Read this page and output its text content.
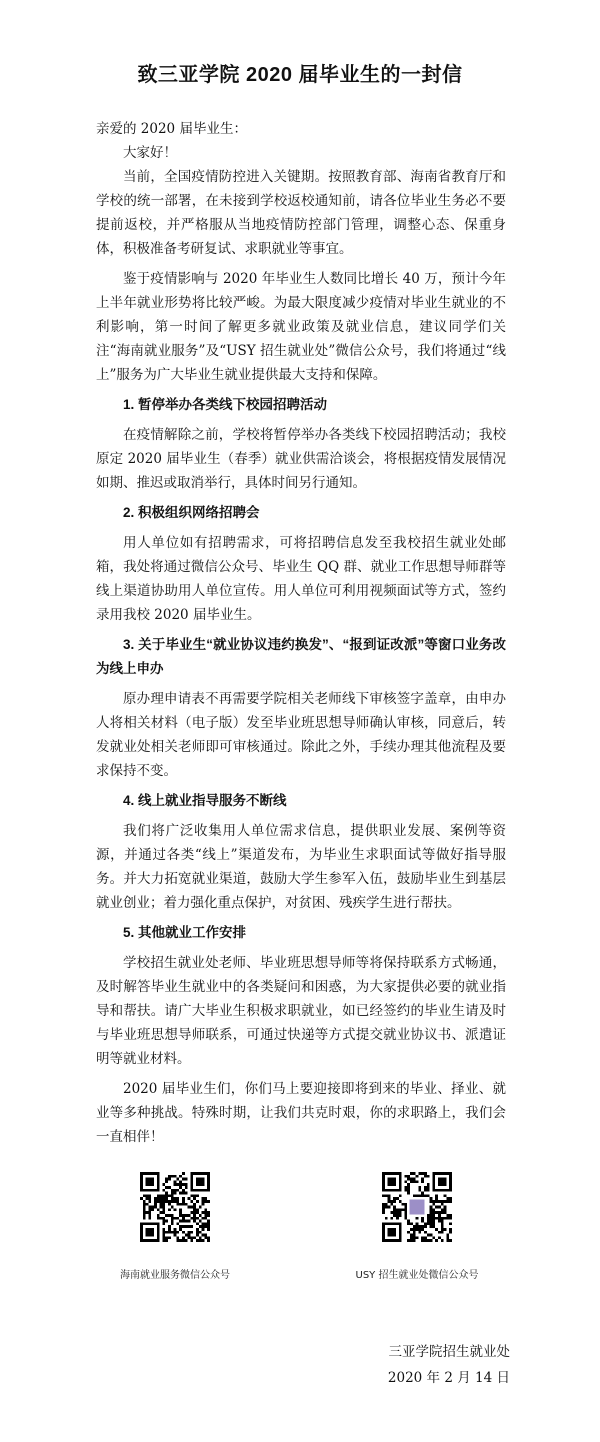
致三亚学院 2020 届毕业生的一封信

亲爱的 2020 届毕业生：

大家好！

当前，全国疫情防控进入关键期。按照教育部、海南省教育厅和学校的统一部署，在未接到学校返校通知前，请各位毕业生务必不要提前返校，并严格服从当地疫情防控部门管理，调整心态、保重身体，积极准备考研复试、求职就业等事宜。

鉴于疫情影响与 2020 年毕业生人数同比增长 40 万，预计今年上半年就业形势将比较严峻。为最大限度减少疫情对毕业生就业的不利影响，第一时间了解更多就业政策及就业信息，建议同学们关注“海南就业服务”及“USY 招生就业处”微信公众号，我们将通过“线上”服务为广大毕业生就业提供最大支持和保障。

1. 暂停举办各类线下校园招聘活动

在疫情解除之前，学校将暂停举办各类线下校园招聘活动；我校原定 2020 届毕业生（春季）就业供需洽谈会，将根据疫情发展情况如期、推迟或取消举行，具体时间另行通知。

2. 积极组织网络招聘会

用人单位如有招聘需求，可将招聘信息发至我校招生就业处邮箱，我处将通过微信公众号、毕业生 QQ 群、就业工作思想导师群等线上渠道协助用人单位宣传。用人单位可利用视频面试等方式，签约录用我校 2020 届毕业生。

3. 关于毕业生“就业协议违约换发”、“报到证改派”等窗口业务改为线上申办

原办理申请表不再需要学院相关老师线下审核签字盖章，由申办人将相关材料（电子版）发至毕业班思想导师确认审核，同意后，转发就业处相关老师即可审核通过。除此之外，手续办理其他流程及要求保持不变。

4. 线上就业指导服务不断线

我们将广泛收集用人单位需求信息，提供职业发展、案例等资源，并通过各类“线上”渠道发布，为毕业生求职面试等做好指导服务。并大力拓宽就业渠道，鼓励大学生参军入伍，鼓励毕业生到基层就业创业；着力强化重点保护，对贫困、残疾学生进行帮扶。

5. 其他就业工作安排

学校招生就业处老师、毕业班思想导师等将保持联系方式畅通，及时解答毕业生就业中的各类疑问和困惑，为大家提供必要的就业指导和帮扶。请广大毕业生积极求职就业，如已经签约的毕业生请及时与毕业班思想导师联系，可通过快递等方式提交就业协议书、派遣证明等就业材料。

2020 届毕业生们，你们马上要迎接即将到来的毕业、择业、就业等多种挑战。特殊时期，让我们共克时艰，你的求职路上，我们会一直相伴！

海南就业服务微信公众号	USY 招生就业处微信公众号
三亚学院招生就业处
2020 年 2 月 14 日
